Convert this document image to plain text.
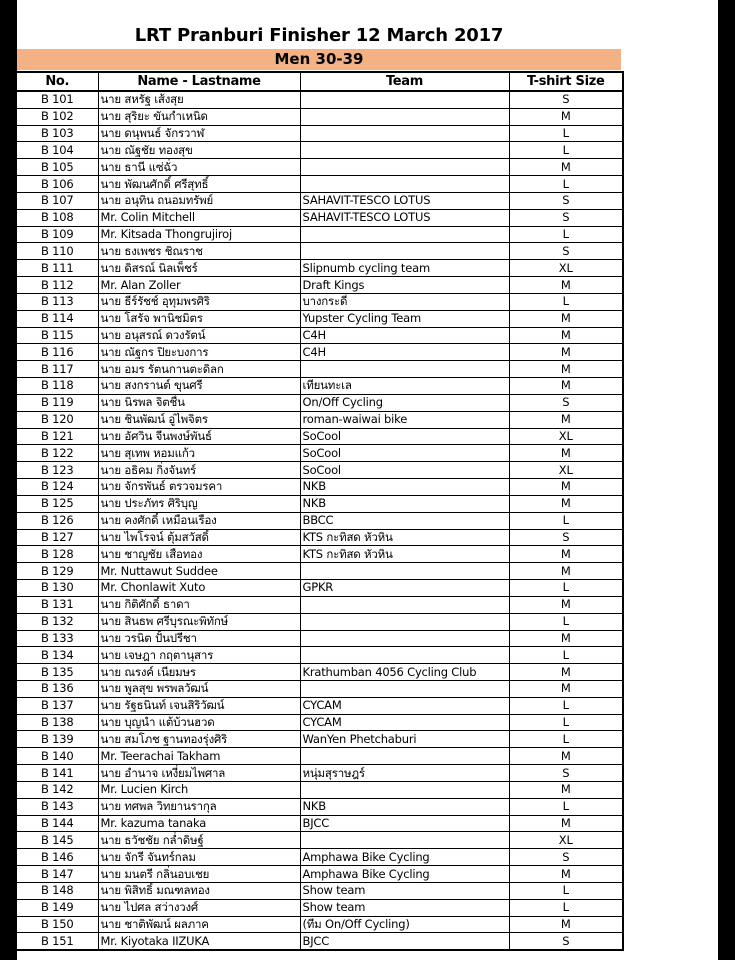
LRT Pranburi Finisher 12 March 2017
Men 30-39
No.	Name - Lastname	Team	T-shirt Size
B 101	นาย สหรัฐ เส้งสุย		S
B 102	นาย สุริยะ ขันกำเหนิด		M
B 103	นาย ดนุพนธ์ จักรวาฬ		L
B 104	นาย ณัฐชัย ทองสุข		L
B 105	นาย ธานี แซ่ฉั่ว		M
B 106	นาย พัฒนศักดิ์ ศรีสุทธิ์		L
B 107	นาย อนุทิน ถนอมทรัพย์	SAHAVIT-TESCO LOTUS	S
B 108	Mr. Colin Mitchell	SAHAVIT-TESCO LOTUS	S
B 109	Mr. Kitsada Thongrujiroj		L
B 110	นาย ธงเพชร ชิณราช		S
B 111	นาย ดิสรณ์ นิลเพ็ชร์	Slipnumb cycling team	XL
B 112	Mr. Alan Zoller	Draft Kings	M
B 113	นาย ธีร์รัชช์ อุทุมพรศิริ	บางกระดี่	L
B 114	นาย โสรัจ พานิชมิตร	Yupster Cycling Team	M
B 115	นาย อนุสรณ์ ดวงรัตน์	C4H	M
B 116	นาย ณัฐกร ปิยะบงการ	C4H	M
B 117	นาย อมร รัตนกานตะดิลก		M
B 118	นาย สงกรานต์ ขุนศรี	เทียนทะเล	M
B 119	นาย นิรพล จิตชื่น	On/Off Cycling	S
B 120	นาย ชินพัฒน์ อู่ไพจิตร	roman-waiwai bike	M
B 121	นาย อัศวิน จีนพงษ์พันธ์	SoCool	XL
B 122	นาย สุเทพ หอมแก้ว	SoCool	M
B 123	นาย อธิคม กิ่งจันทร์	SoCool	XL
B 124	นาย จักรพันธ์ ตรวจมรคา	NKB	M
B 125	นาย ประภัทร ศิริบุญ	NKB	M
B 126	นาย คงศักดิ์ เหมือนเรือง	BBCC	L
B 127	นาย ไพโรจน์ ตุ้มสวัสดิ์	KTS กะทิสด หัวหิน	S
B 128	นาย ชาญชัย เสือทอง	KTS กะทิสด หัวหิน	M
B 129	Mr. Nuttawut Suddee		M
B 130	Mr. Chonlawit Xuto	GPKR	L
B 131	นาย กิติศักดิ์ ธาดา		M
B 132	นาย สินธพ ศรีบุรณะพิทักษ์		L
B 133	นาย วรนิต ปั้นปรีชา		M
B 134	นาย เจษฎา กฤตานุสาร		L
B 135	นาย ณรงค์ เนียมษร	Krathumban 4056 Cycling Club	M
B 136	นาย พูลสุข พรพลวัฒน์		M
B 137	นาย รัฐธนินท์ เจนสิริวัฒน์	CYCAM	L
B 138	นาย บุญนำ แต้บ้วนฮวด	CYCAM	L
B 139	นาย สมโภช ฐานทองรุ่งศิริ	WanYen Phetchaburi	L
B 140	Mr. Teerachai Takham		M
B 141	นาย อำนาจ เหงี่ยมไพศาล	หนุ่มสุราษฎร์	S
B 142	Mr. Lucien Kirch		M
B 143	นาย ทศพล วิทยานรากุล	NKB	L
B 144	Mr. kazuma tanaka	BJCC	M
B 145	นาย ธวัชชัย กล่ำดิษฐ์		XL
B 146	นาย จักรี จันทร์กลม	Amphawa Bike Cycling	S
B 147	นาย มนตรี กลิ่นอบเชย	Amphawa Bike Cycling	M
B 148	นาย พิสิทธิ์ มณฑลทอง	Show team	L
B 149	นาย ไปศล สว่างวงศ์	Show team	L
B 150	นาย ชาติพัฒน์ ผลภาค	(ทีม On/Off Cycling)	M
B 151	Mr. Kiyotaka IIZUKA	BJCC	S
